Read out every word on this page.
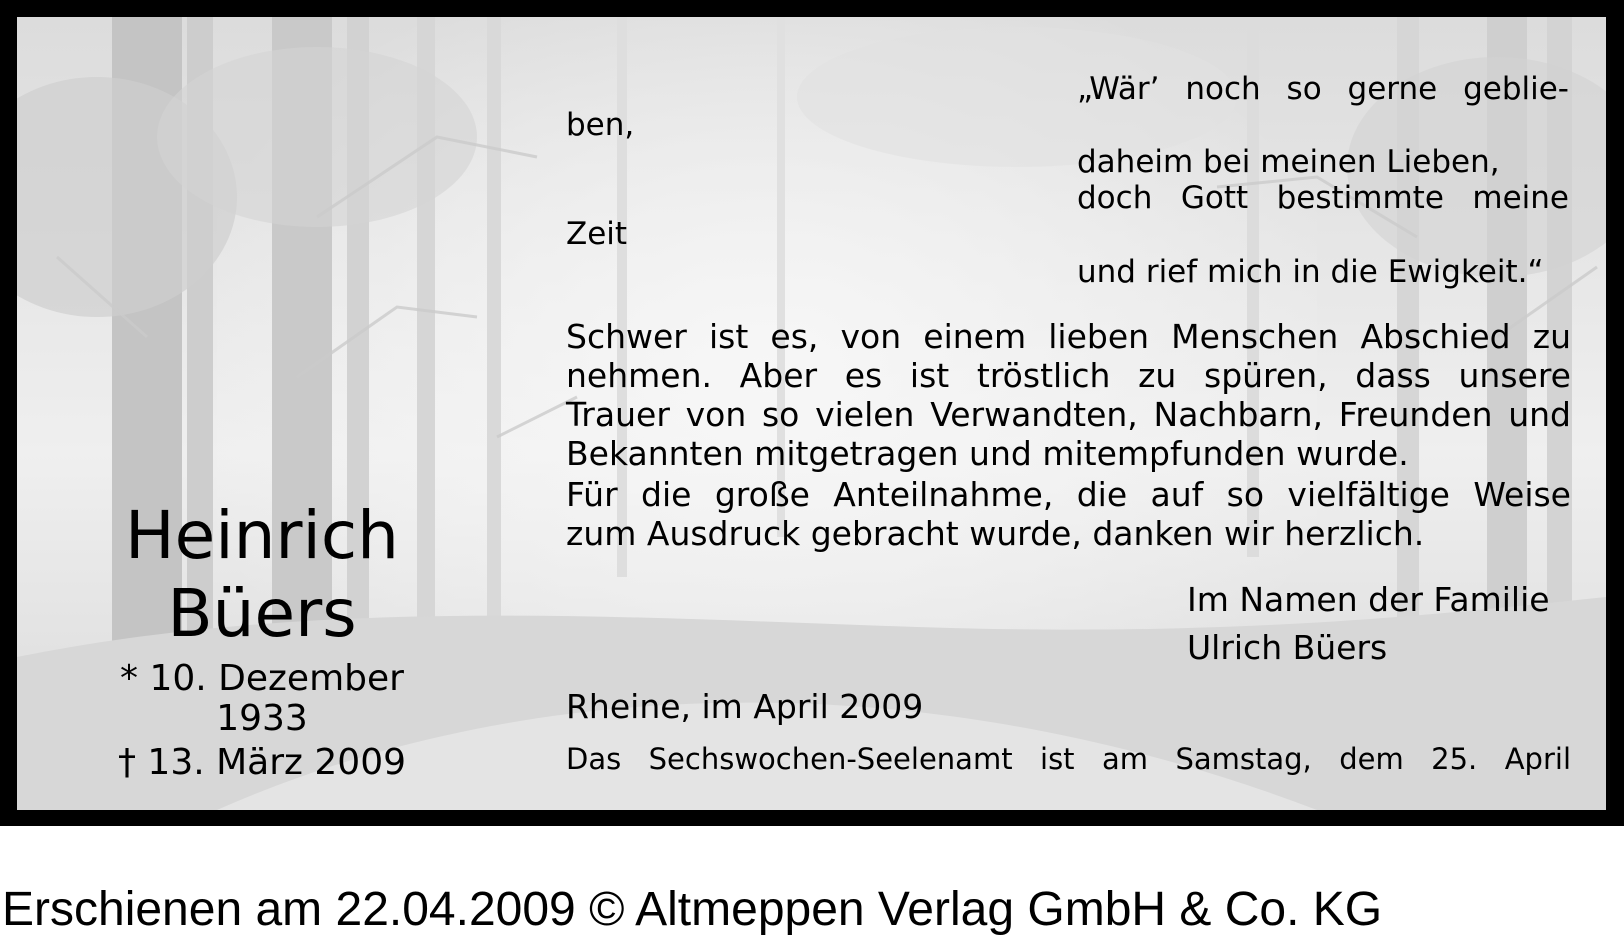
„Wär’ noch so gerne geblie-
ben,
daheim bei meinen Lieben,
doch Gott bestimmte meine
Zeit
und rief mich in die Ewigkeit.“
Schwer ist es, von einem lieben Menschen Abschied zu
nehmen. Aber es ist tröstlich zu spüren, dass unsere
Trauer von so vielen Verwandten, Nachbarn, Freunden und
Bekannten mitgetragen und mitempfunden wurde.
Für die große Anteilnahme, die auf so vielfältige Weise
zum Ausdruck gebracht wurde, danken wir herzlich.
Heinrich
Büers
* 10. Dezember
1933
† 13. März 2009
Im Namen der Familie
Ulrich Büers
Rheine, im April 2009
Das Sechswochen-Seelenamt ist am Samstag, dem 25. April
Erschienen am 22.04.2009 © Altmeppen Verlag GmbH & Co. KG
